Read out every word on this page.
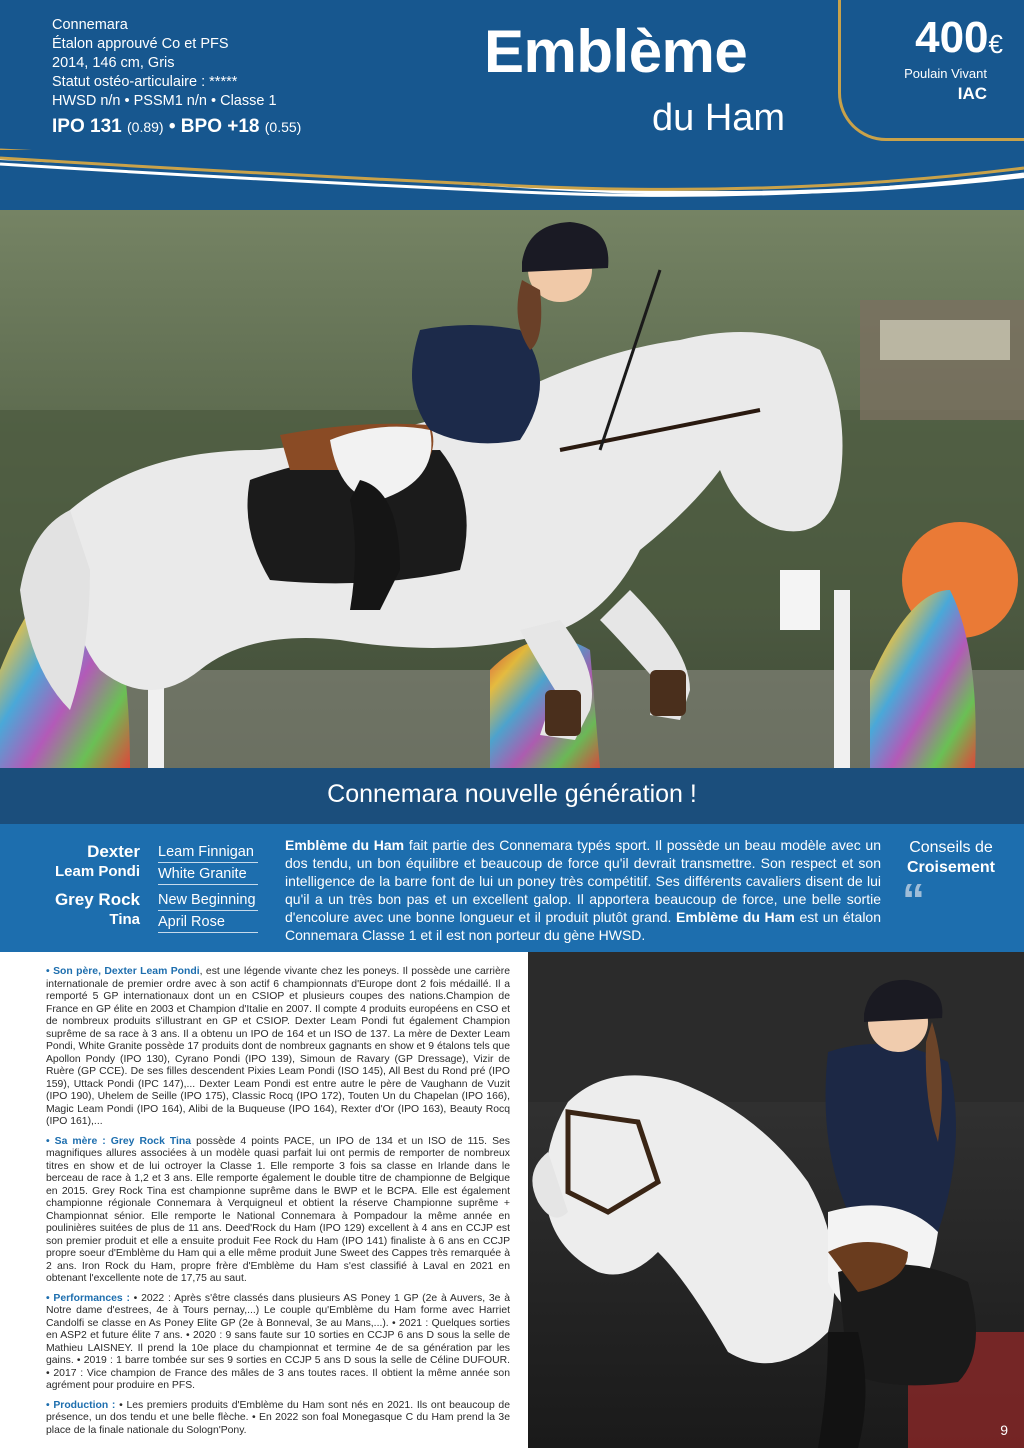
Connemara
Étalon approuvé Co et PFS
2014, 146 cm, Gris
Statut ostéo-articulaire : *****
HWSD n/n • PSSM1 n/n • Classe 1
IPO 131 (0.89) • BPO +18 (0.55)
Emblème
du Ham
400€
Poulain Vivant
IAC
Connemara nouvelle génération !
Dexter
Leam Pondi
Grey Rock
Tina
Leam Finnigan
White Granite
New Beginning
April Rose
Emblème du Ham fait partie des Connemara typés sport. Il possède un beau modèle avec un dos tendu, un bon équilibre et beaucoup de force qu'il devrait transmettre. Son respect et son intelligence de la barre font de lui un poney très compétitif. Ses différents cavaliers disent de lui qu'il a un très bon pas et un excellent galop. Il apportera beaucoup de force, une belle sortie d'encolure avec une bonne longueur et il produit plutôt grand. Emblème du Ham est un étalon Connemara Classe 1 et il est non porteur du gène HWSD.
Conseils de
Croisement
“

• Son père, Dexter Leam Pondi, est une légende vivante chez les poneys. Il possède une carrière internationale de premier ordre avec à son actif 6 championnats d'Europe dont 2 fois médaillé. Il a remporté 5 GP internationaux dont un en CSIOP et plusieurs coupes des nations.Champion de France en GP élite en 2003 et Champion d'Italie en 2007. Il compte 4 produits européens en CSO et de nombreux produits s'illustrant en GP et CSIOP. Dexter Leam Pondi fut également Champion suprême de sa race à 3 ans. Il a obtenu un IPO de 164 et un ISO de 137. La mère de Dexter Leam Pondi, White Granite possède 17 produits dont de nombreux gagnants en show et 9 étalons tels que Apollon Pondy (IPO 130), Cyrano Pondi (IPO 139), Simoun de Ravary (GP Dressage), Vizir de Ruère (GP CCE). De ses filles descendent Pixies Leam Pondi (ISO 145), All Best du Rond pré (IPO 159), Uttack Pondi (IPC 147),... Dexter Leam Pondi est entre autre le père de Vaughann de Vuzit (IPO 190), Uhelem de Seille (IPO 175), Classic Rocq (IPO 172), Touten Un du Chapelan (IPO 166), Magic Leam Pondi (IPO 164), Alibi de la Buqueuse (IPO 164), Rexter d'Or (IPO 163), Beauty Rocq (IPO 161),...

• Sa mère : Grey Rock Tina possède 4 points PACE, un IPO de 134 et un ISO de 115. Ses magnifiques allures associées à un modèle quasi parfait lui ont permis de remporter de nombreux titres en show et de lui octroyer la Classe 1. Elle remporte 3 fois sa classe en Irlande dans le berceau de race à 1,2 et 3 ans. Elle remporte également le double titre de championne de Belgique en 2015. Grey Rock Tina est championne suprême dans le BWP et le BCPA. Elle est également championne régionale Connemara à Verquigneul et obtient la réserve Championne suprême + Championnat sénior. Elle remporte le National Connemara à Pompadour la même année en poulinières suitées de plus de 11 ans. Deed'Rock du Ham (IPO 129) excellent à 4 ans en CCJP est son premier produit et elle a ensuite produit Fee Rock du Ham (IPO 141) finaliste à 6 ans en CCJP propre soeur d'Emblème du Ham qui a elle même produit June Sweet des Cappes très remarquée à 2 ans. Iron Rock du Ham, propre frère d'Emblème du Ham s'est classifié à Laval en 2021 en obtenant l'excellente note de 17,75 au saut.

• Performances : • 2022 : Après s'être classés dans plusieurs AS Poney 1 GP (2e à Auvers, 3e à Notre dame d'estrees, 4e à Tours pernay,...) Le couple qu'Emblème du Ham forme avec Harriet Candolfi se classe en As Poney Elite GP (2e à Bonneval, 3e au Mans,...). • 2021 : Quelques sorties en ASP2 et future élite 7 ans. • 2020 : 9 sans faute sur 10 sorties en CCJP 6 ans D sous la selle de Mathieu LAISNEY. Il prend la 10e place du championnat et termine 4e de sa génération par les gains. • 2019 : 1 barre tombée sur ses 9 sorties en CCJP 5 ans D sous la selle de Céline DUFOUR. • 2017 : Vice champion de France des mâles de 3 ans toutes races. Il obtient la même année son agrément pour produire en PFS.

• Production : • Les premiers produits d'Emblème du Ham sont nés en 2021. Ils ont beaucoup de présence, un dos tendu et une belle flèche. • En 2022 son foal Monegasque C du Ham prend la 3e place de la finale nationale du Sologn'Pony.	9
